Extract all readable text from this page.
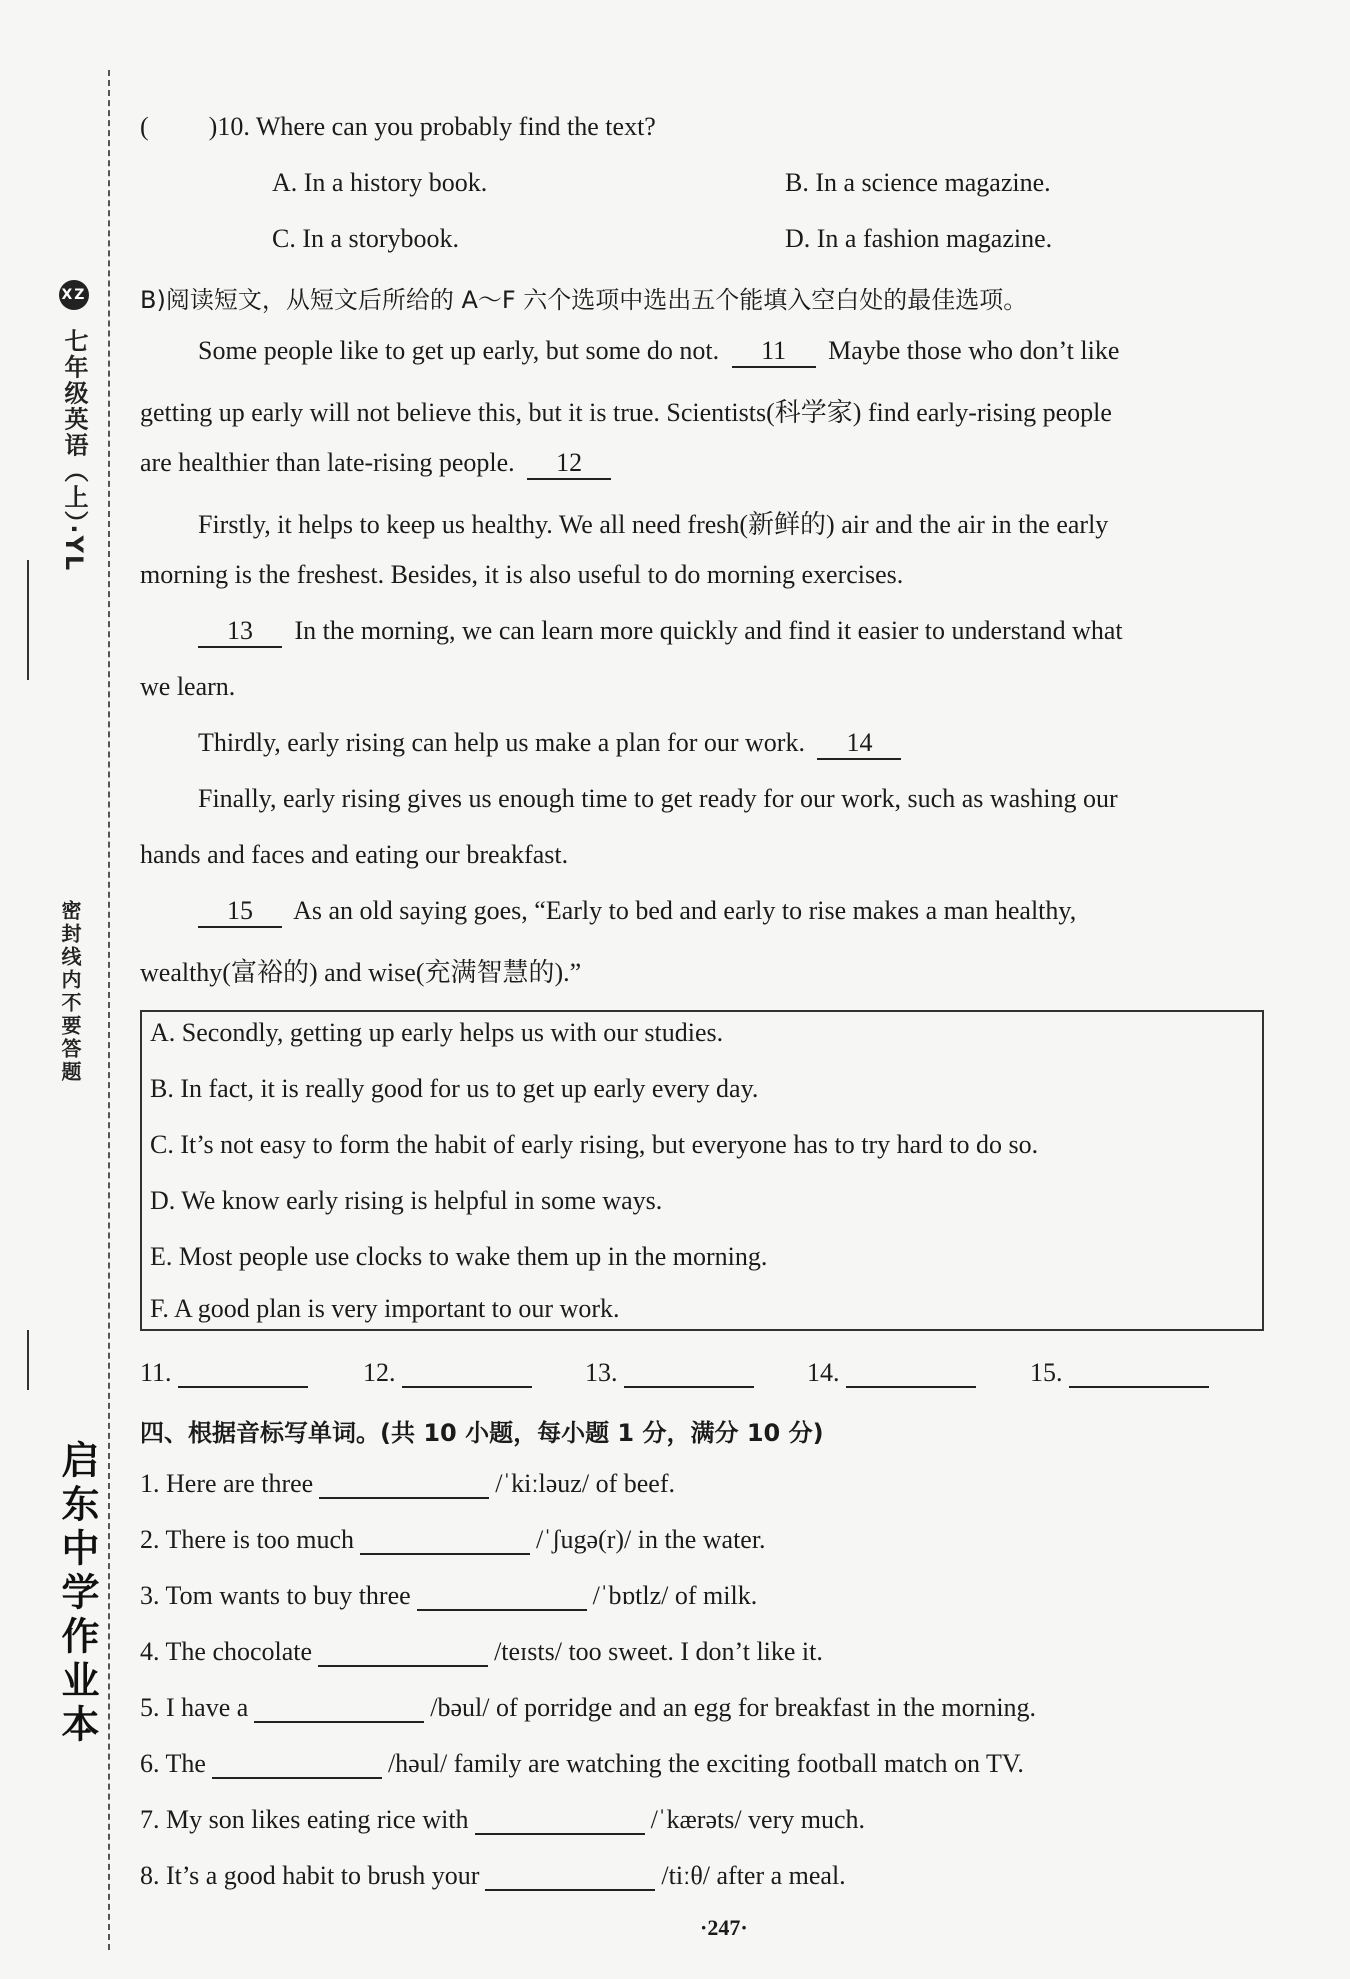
XZ 七年级英语（上）·YL
密封线内不要答题
启东中学作业本
( )10. Where can you probably find the text?
A. In a history book.	B. In a science magazine.
C. In a storybook.	D. In a fashion magazine.
B)阅读短文，从短文后所给的 A～F 六个选项中选出五个能填入空白处的最佳选项。
Some people like to get up early, but some do not. 11 Maybe those who don’t like
getting up early will not believe this, but it is true. Scientists(科学家) find early-rising people
are healthier than late-rising people. 12
Firstly, it helps to keep us healthy. We all need fresh(新鲜的) air and the air in the early
morning is the freshest. Besides, it is also useful to do morning exercises.
13 In the morning, we can learn more quickly and find it easier to understand what
we learn.
Thirdly, early rising can help us make a plan for our work. 14
Finally, early rising gives us enough time to get ready for our work, such as washing our
hands and faces and eating our breakfast.
15 As an old saying goes, “Early to bed and early to rise makes a man healthy,
wealthy(富裕的) and wise(充满智慧的).”
A. Secondly, getting up early helps us with our studies.
B. In fact, it is really good for us to get up early every day.
C. It’s not easy to form the habit of early rising, but everyone has to try hard to do so.
D. We know early rising is helpful in some ways.
E. Most people use clocks to wake them up in the morning.
F. A good plan is very important to our work.
11.	12.	13.	14.	15.
四、根据音标写单词。(共 10 小题，每小题 1 分，满分 10 分)
1. Here are three	/ˈkiːləuz/ of beef.
2. There is too much	/ˈʃugə(r)/ in the water.
3. Tom wants to buy three	/ˈbɒtlz/ of milk.
4. The chocolate	/teɪsts/ too sweet. I don’t like it.
5. I have a	/bəul/ of porridge and an egg for breakfast in the morning.
6. The	/həul/ family are watching the exciting football match on TV.
7. My son likes eating rice with	/ˈkærəts/ very much.
8. It’s a good habit to brush your	/tiːθ/ after a meal.
·247·
